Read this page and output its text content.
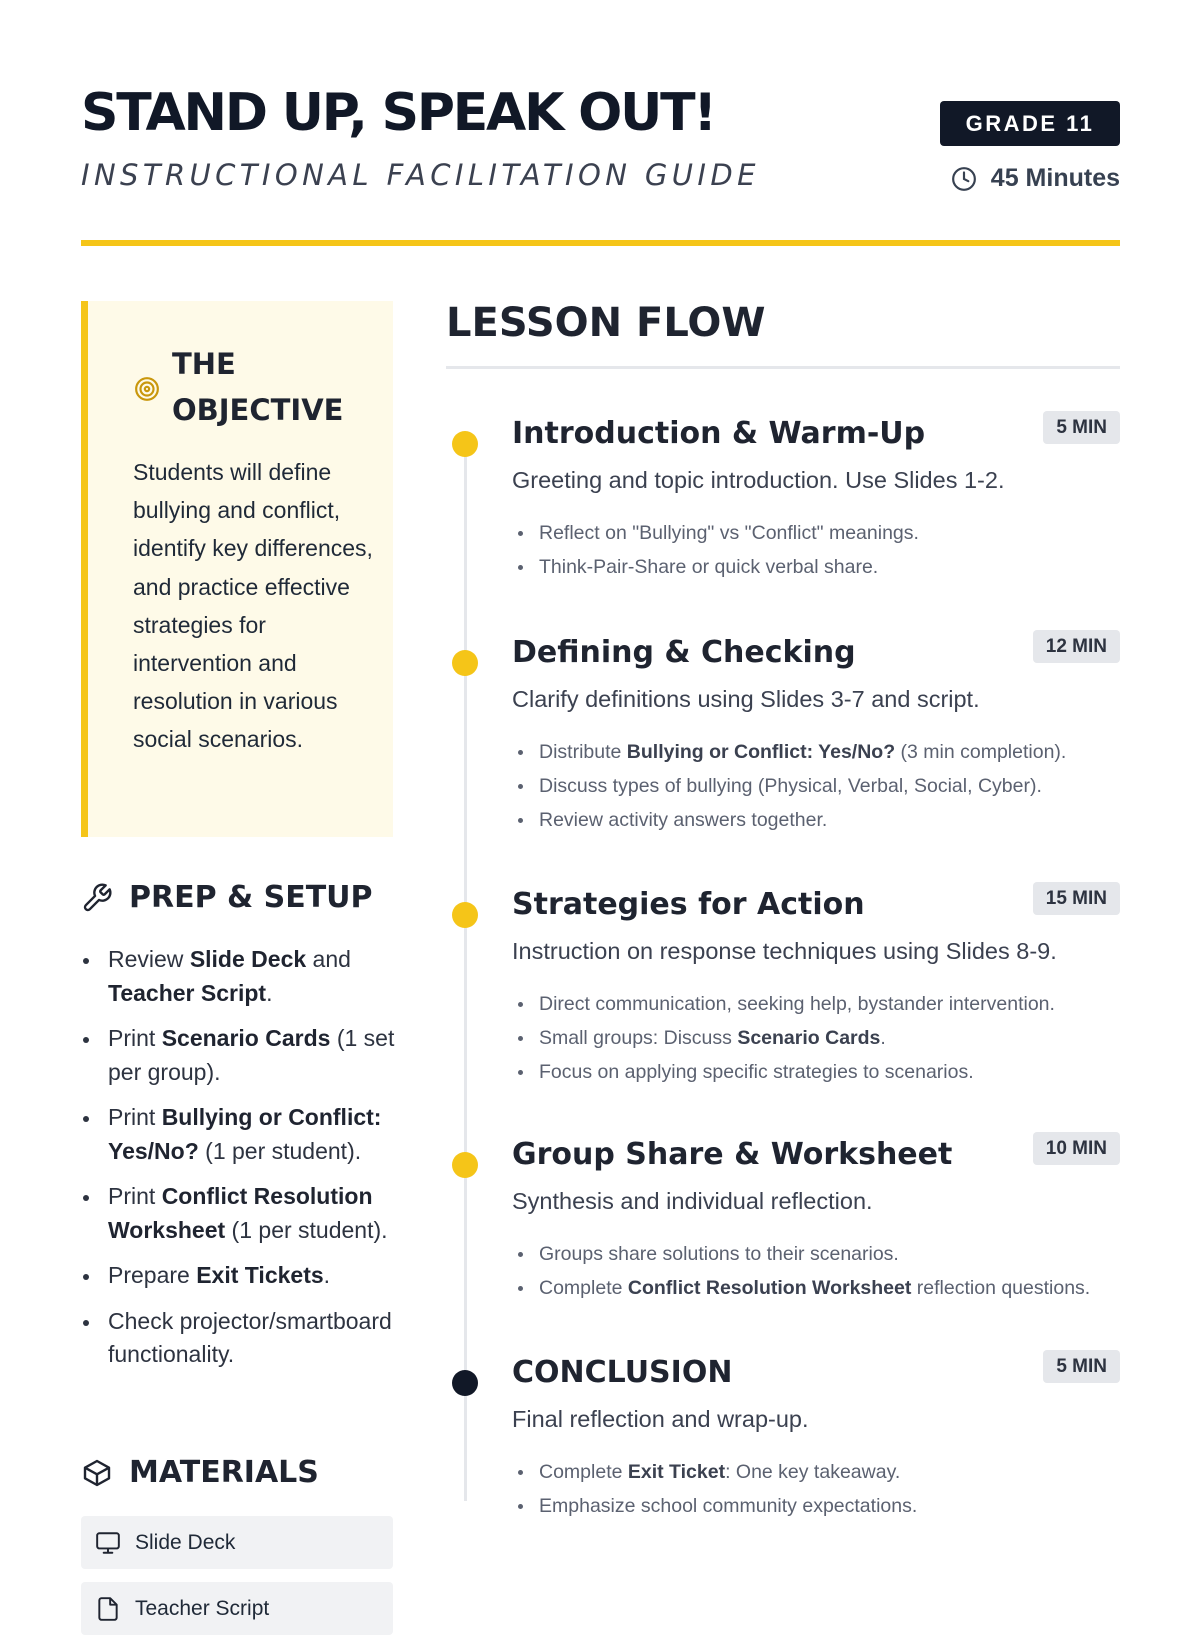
STAND UP, SPEAK OUT!
INSTRUCTIONAL FACILITATION GUIDE
GRADE 11
45 Minutes
THE
OBJECTIVE
Students will define bullying and conflict, identify key differences, and practice effective strategies for intervention and resolution in various social scenarios.
PREP & SETUP
Review Slide Deck and Teacher Script.
Print Scenario Cards (1 set per group).
Print Bullying or Conflict: Yes/No? (1 per student).
Print Conflict Resolution Worksheet (1 per student).
Prepare Exit Tickets.
Check projector/smartboard functionality.
MATERIALS
Slide Deck
Teacher Script
LESSON FLOW
Introduction & Warm-Up	5 MIN
Greeting and topic introduction. Use Slides 1-2.
Reflect on "Bullying" vs "Conflict" meanings.
Think-Pair-Share or quick verbal share.
Defining & Checking	12 MIN
Clarify definitions using Slides 3-7 and script.
Distribute Bullying or Conflict: Yes/No? (3 min completion).
Discuss types of bullying (Physical, Verbal, Social, Cyber).
Review activity answers together.
Strategies for Action	15 MIN
Instruction on response techniques using Slides 8-9.
Direct communication, seeking help, bystander intervention.
Small groups: Discuss Scenario Cards.
Focus on applying specific strategies to scenarios.
Group Share & Worksheet	10 MIN
Synthesis and individual reflection.
Groups share solutions to their scenarios.
Complete Conflict Resolution Worksheet reflection questions.
CONCLUSION	5 MIN
Final reflection and wrap-up.
Complete Exit Ticket: One key takeaway.
Emphasize school community expectations.
